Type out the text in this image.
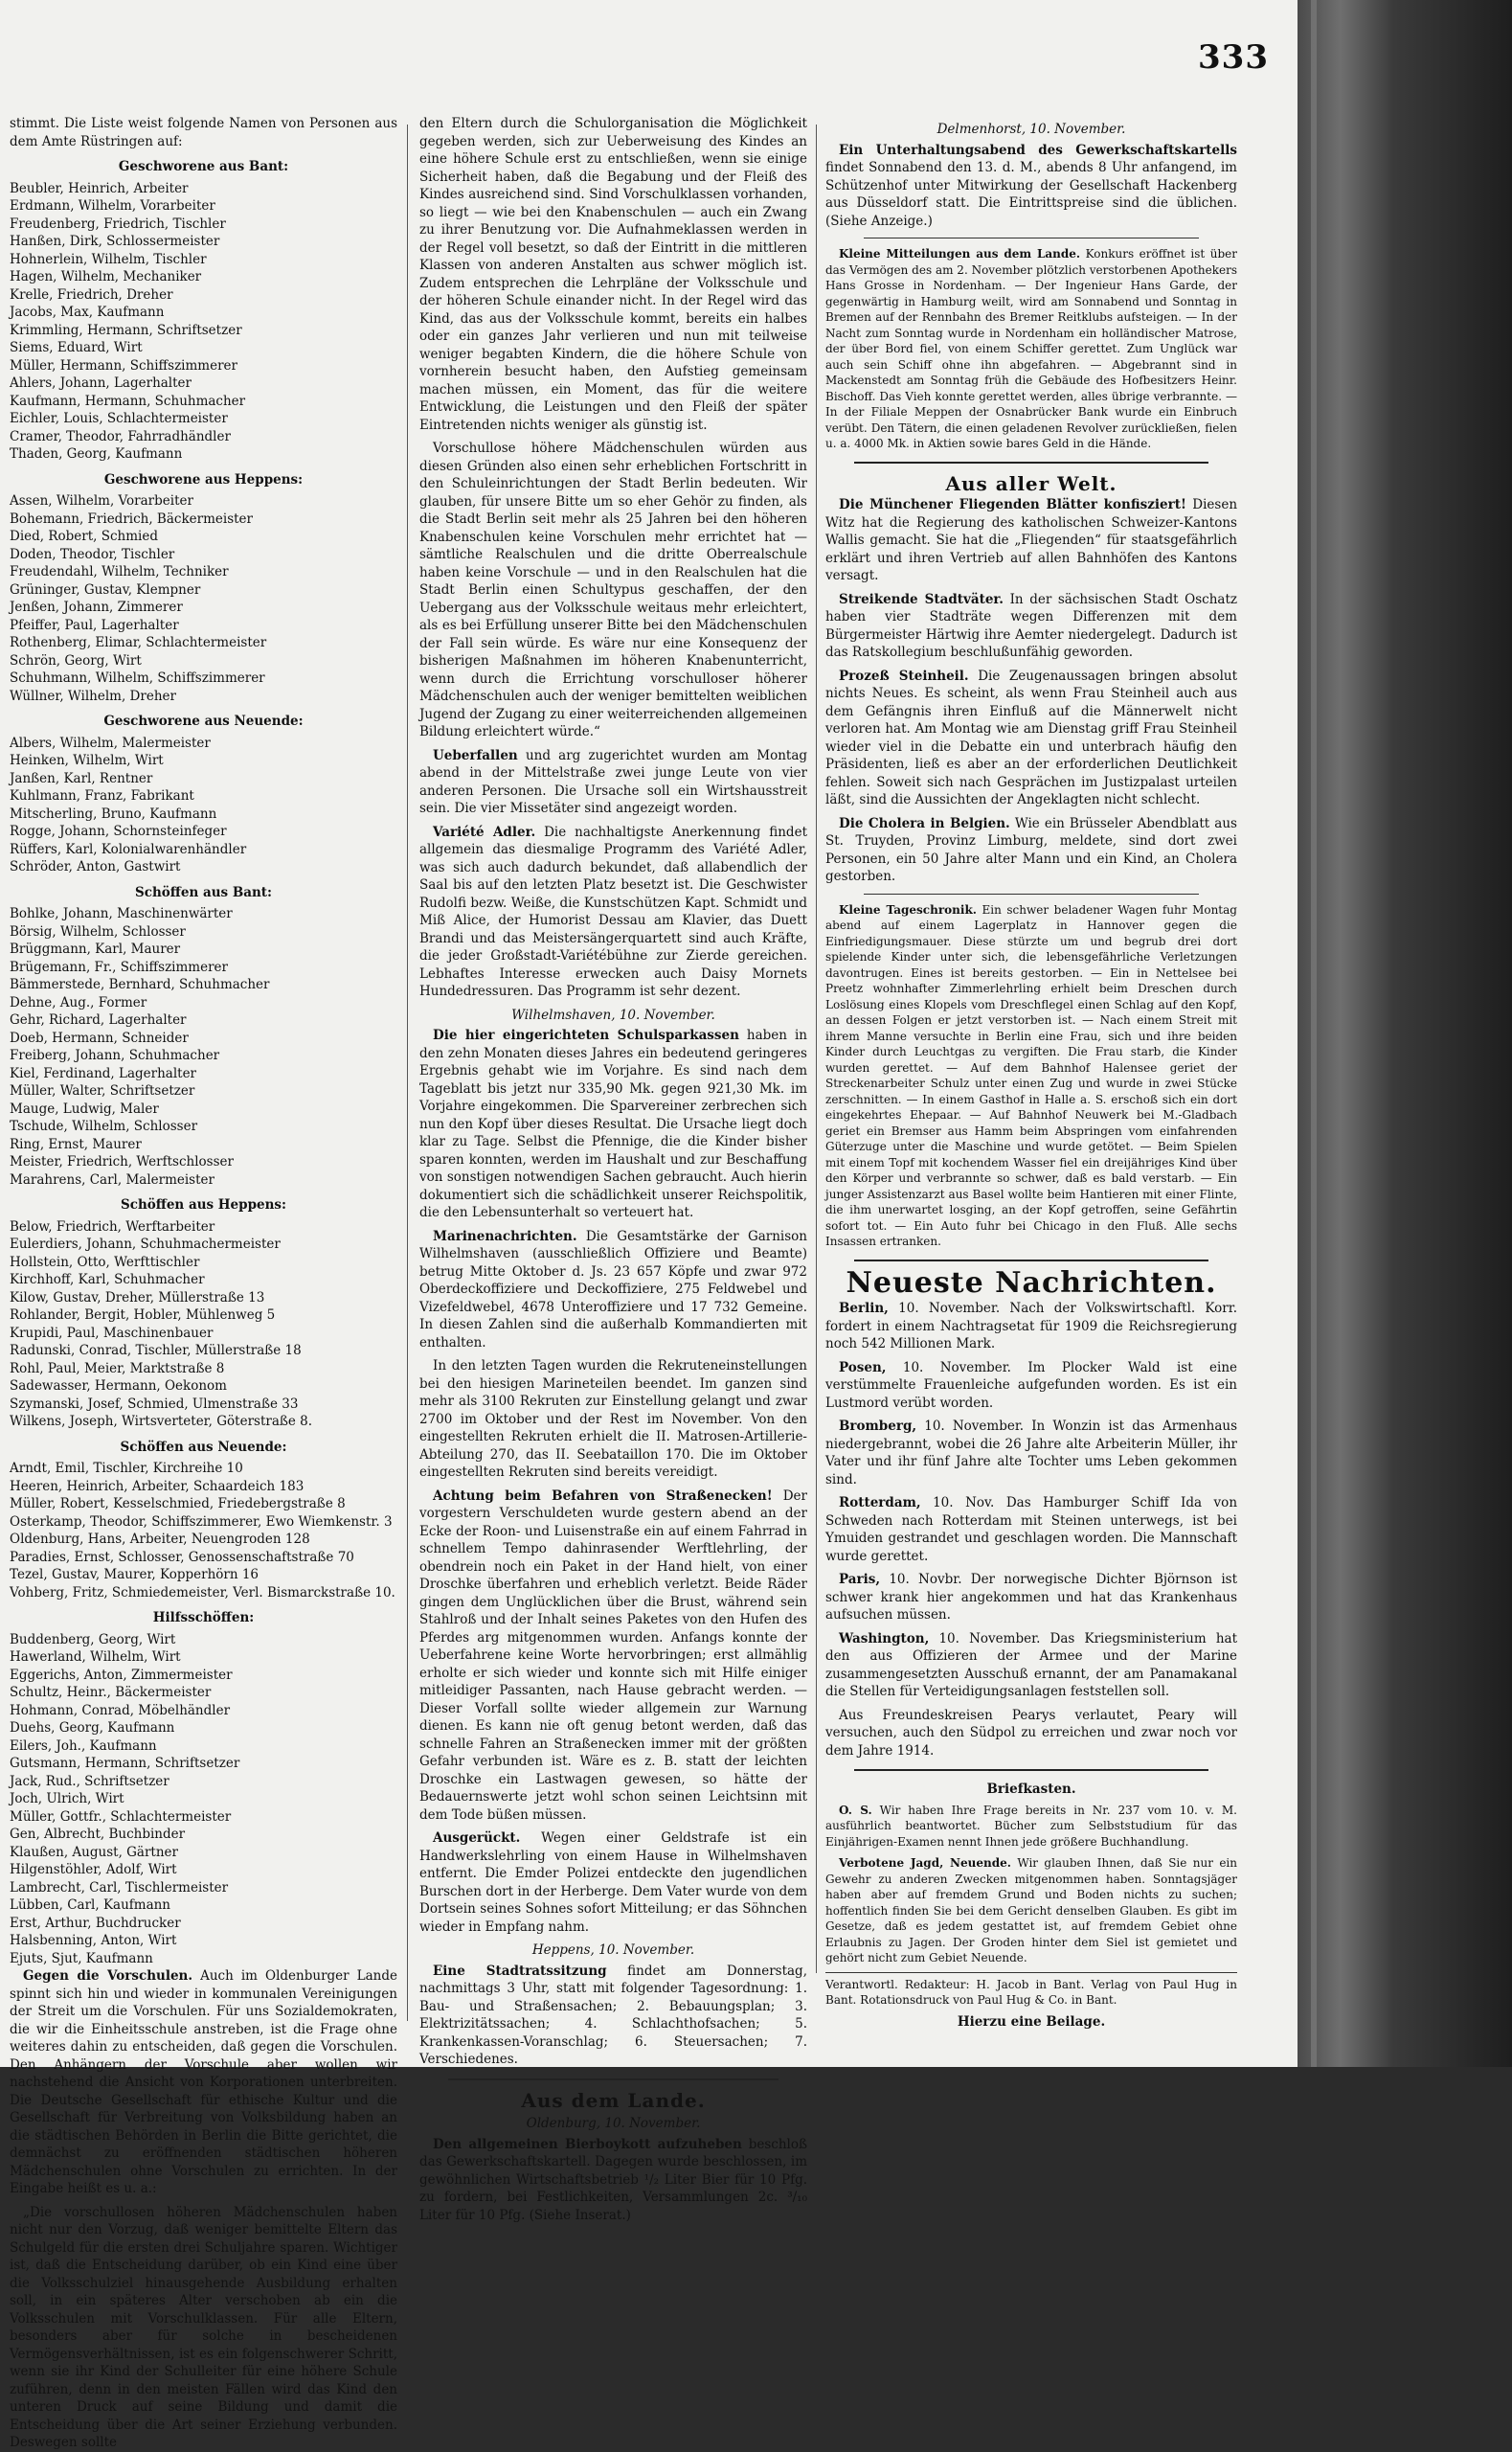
333

stimmt. Die Liste weist folgende Namen von Personen aus dem Amte Rüstringen auf:

Geschworene aus Bant:
Beubler, Heinrich, Arbeiter
Erdmann, Wilhelm, Vorarbeiter
Freudenberg, Friedrich, Tischler
Hanßen, Dirk, Schlossermeister
Hohnerlein, Wilhelm, Tischler
Hagen, Wilhelm, Mechaniker
Krelle, Friedrich, Dreher
Jacobs, Max, Kaufmann
Krimmling, Hermann, Schriftsetzer
Siems, Eduard, Wirt
Müller, Hermann, Schiffszimmerer
Ahlers, Johann, Lagerhalter
Kaufmann, Hermann, Schuhmacher
Eichler, Louis, Schlachtermeister
Cramer, Theodor, Fahrradhändler
Thaden, Georg, Kaufmann
Geschworene aus Heppens:
Assen, Wilhelm, Vorarbeiter
Bohemann, Friedrich, Bäckermeister
Died, Robert, Schmied
Doden, Theodor, Tischler
Freudendahl, Wilhelm, Techniker
Grüninger, Gustav, Klempner
Jenßen, Johann, Zimmerer
Pfeiffer, Paul, Lagerhalter
Rothenberg, Elimar, Schlachtermeister
Schrön, Georg, Wirt
Schuhmann, Wilhelm, Schiffszimmerer
Wüllner, Wilhelm, Dreher
Geschworene aus Neuende:
Albers, Wilhelm, Malermeister
Heinken, Wilhelm, Wirt
Janßen, Karl, Rentner
Kuhlmann, Franz, Fabrikant
Mitscherling, Bruno, Kaufmann
Rogge, Johann, Schornsteinfeger
Rüffers, Karl, Kolonialwarenhändler
Schröder, Anton, Gastwirt
Schöffen aus Bant:
Bohlke, Johann, Maschinenwärter
Börsig, Wilhelm, Schlosser
Brüggmann, Karl, Maurer
Brügemann, Fr., Schiffszimmerer
Bämmerstede, Bernhard, Schuhmacher
Dehne, Aug., Former
Gehr, Richard, Lagerhalter
Doeb, Hermann, Schneider
Freiberg, Johann, Schuhmacher
Kiel, Ferdinand, Lagerhalter
Müller, Walter, Schriftsetzer
Mauge, Ludwig, Maler
Tschude, Wilhelm, Schlosser
Ring, Ernst, Maurer
Meister, Friedrich, Werftschlosser
Marahrens, Carl, Malermeister
Schöffen aus Heppens:
Below, Friedrich, Werftarbeiter
Eulerdiers, Johann, Schuhmachermeister
Hollstein, Otto, Werfttischler
Kirchhoff, Karl, Schuhmacher
Kilow, Gustav, Dreher, Müllerstraße 13
Rohlander, Bergit, Hobler, Mühlenweg 5
Krupidi, Paul, Maschinenbauer
Radunski, Conrad, Tischler, Müllerstraße 18
Rohl, Paul, Meier, Marktstraße 8
Sadewasser, Hermann, Oekonom
Szymanski, Josef, Schmied, Ulmenstraße 33
Wilkens, Joseph, Wirtsverteter, Göterstraße 8.
Schöffen aus Neuende:
Arndt, Emil, Tischler, Kirchreihe 10
Heeren, Heinrich, Arbeiter, Schaardeich 183
Müller, Robert, Kesselschmied, Friedebergstraße 8
Osterkamp, Theodor, Schiffszimmerer, Ewo Wiemkenstr. 3
Oldenburg, Hans, Arbeiter, Neuengroden 128
Paradies, Ernst, Schlosser, Genossenschaftstraße 70
Tezel, Gustav, Maurer, Kopperhörn 16
Vohberg, Fritz, Schmiedemeister, Verl. Bismarckstraße 10.
Hilfsschöffen:
Buddenberg, Georg, Wirt
Hawerland, Wilhelm, Wirt
Eggerichs, Anton, Zimmermeister
Schultz, Heinr., Bäckermeister
Hohmann, Conrad, Möbelhändler
Duehs, Georg, Kaufmann
Eilers, Joh., Kaufmann
Gutsmann, Hermann, Schriftsetzer
Jack, Rud., Schriftsetzer
Joch, Ulrich, Wirt
Müller, Gottfr., Schlachtermeister
Gen, Albrecht, Buchbinder
Klaußen, August, Gärtner
Hilgenstöhler, Adolf, Wirt
Lambrecht, Carl, Tischlermeister
Lübben, Carl, Kaufmann
Erst, Arthur, Buchdrucker
Halsbenning, Anton, Wirt
Ejuts, Sjut, Kaufmann

Gegen die Vorschulen. Auch im Oldenburger Lande spinnt sich hin und wieder in kommunalen Vereinigungen der Streit um die Vorschulen. Für uns Sozialdemokraten, die wir die Einheitsschule anstreben, ist die Frage ohne weiteres dahin zu entscheiden, daß gegen die Vorschulen. Den Anhängern der Vorschule aber wollen wir nachstehend die Ansicht von Korporationen unterbreiten. Die Deutsche Gesellschaft für ethische Kultur und die Gesellschaft für Verbreitung von Volksbildung haben an die städtischen Behörden in Berlin die Bitte gerichtet, die demnächst zu eröffnenden städtischen höheren Mädchenschulen ohne Vorschulen zu errichten. In der Eingabe heißt es u. a.:

„Die vorschullosen höheren Mädchenschulen haben nicht nur den Vorzug, daß weniger bemittelte Eltern das Schulgeld für die ersten drei Schuljahre sparen. Wichtiger ist, daß die Entscheidung darüber, ob ein Kind eine über die Volksschulziel hinausgehende Ausbildung erhalten soll, in ein späteres Alter verschoben ab ein die Volksschulen mit Vorschulklassen. Für alle Eltern, besonders aber für solche in bescheidenen Vermögensverhältnissen, ist es ein folgenschwerer Schritt, wenn sie ihr Kind der Schulleiter für eine höhere Schule zuführen, denn in den meisten Fällen wird das Kind den unteren Druck auf seine Bildung und damit die Entscheidung über die Art seiner Erziehung verbunden. Deswegen sollte

den Eltern durch die Schulorganisation die Möglichkeit gegeben werden, sich zur Ueberweisung des Kindes an eine höhere Schule erst zu entschließen, wenn sie einige Sicherheit haben, daß die Begabung und der Fleiß des Kindes ausreichend sind. Sind Vorschulklassen vorhanden, so liegt — wie bei den Knabenschulen — auch ein Zwang zu ihrer Benutzung vor. Die Aufnahmeklassen werden in der Regel voll besetzt, so daß der Eintritt in die mittleren Klassen von anderen Anstalten aus schwer möglich ist. Zudem entsprechen die Lehrpläne der Volksschule und der höheren Schule einander nicht. In der Regel wird das Kind, das aus der Volksschule kommt, bereits ein halbes oder ein ganzes Jahr verlieren und nun mit teilweise weniger begabten Kindern, die die höhere Schule von vornherein besucht haben, den Aufstieg gemeinsam machen müssen, ein Moment, das für die weitere Entwicklung, die Leistungen und den Fleiß der später Eintretenden nichts weniger als günstig ist.

Vorschullose höhere Mädchenschulen würden aus diesen Gründen also einen sehr erheblichen Fortschritt in den Schuleinrichtungen der Stadt Berlin bedeuten. Wir glauben, für unsere Bitte um so eher Gehör zu finden, als die Stadt Berlin seit mehr als 25 Jahren bei den höheren Knabenschulen keine Vorschulen mehr errichtet hat — sämtliche Realschulen und die dritte Oberrealschule haben keine Vorschule — und in den Realschulen hat die Stadt Berlin einen Schultypus geschaffen, der den Uebergang aus der Volksschule weitaus mehr erleichtert, als es bei Erfüllung unserer Bitte bei den Mädchenschulen der Fall sein würde. Es wäre nur eine Konsequenz der bisherigen Maßnahmen im höheren Knabenunterricht, wenn durch die Errichtung vorschulloser höherer Mädchenschulen auch der weniger bemittelten weiblichen Jugend der Zugang zu einer weiterreichenden allgemeinen Bildung erleichtert würde.“

Ueberfallen und arg zugerichtet wurden am Montag abend in der Mittelstraße zwei junge Leute von vier anderen Personen. Die Ursache soll ein Wirtshausstreit sein. Die vier Missetäter sind angezeigt worden.

Variété Adler. Die nachhaltigste Anerkennung findet allgemein das diesmalige Programm des Variété Adler, was sich auch dadurch bekundet, daß allabendlich der Saal bis auf den letzten Platz besetzt ist. Die Geschwister Rudolfi bezw. Weiße, die Kunstschützen Kapt. Schmidt und Miß Alice, der Humorist Dessau am Klavier, das Duett Brandi und das Meistersängerquartett sind auch Kräfte, die jeder Großstadt-Variétébühne zur Zierde gereichen. Lebhaftes Interesse erwecken auch Daisy Mornets Hundedressuren. Das Programm ist sehr dezent.

Wilhelmshaven, 10. November.

Die hier eingerichteten Schulsparkassen haben in den zehn Monaten dieses Jahres ein bedeutend geringeres Ergebnis gehabt wie im Vorjahre. Es sind nach dem Tageblatt bis jetzt nur 335,90 Mk. gegen 921,30 Mk. im Vorjahre eingekommen. Die Sparvereiner zerbrechen sich nun den Kopf über dieses Resultat. Die Ursache liegt doch klar zu Tage. Selbst die Pfennige, die die Kinder bisher sparen konnten, werden im Haushalt und zur Beschaffung von sonstigen notwendigen Sachen gebraucht. Auch hierin dokumentiert sich die schädlichkeit unserer Reichspolitik, die den Lebensunterhalt so verteuert hat.

Marinenachrichten. Die Gesamtstärke der Garnison Wilhelmshaven (ausschließlich Offiziere und Beamte) betrug Mitte Oktober d. Js. 23 657 Köpfe und zwar 972 Oberdeckoffiziere und Deckoffiziere, 275 Feldwebel und Vizefeldwebel, 4678 Unteroffiziere und 17 732 Gemeine. In diesen Zahlen sind die außerhalb Kommandierten mit enthalten.

In den letzten Tagen wurden die Rekruteneinstellungen bei den hiesigen Marineteilen beendet. Im ganzen sind mehr als 3100 Rekruten zur Einstellung gelangt und zwar 2700 im Oktober und der Rest im November. Von den eingestellten Rekruten erhielt die II. Matrosen-Artillerie-Abteilung 270, das II. Seebataillon 170. Die im Oktober eingestellten Rekruten sind bereits vereidigt.

Achtung beim Befahren von Straßenecken! Der vorgestern Verschuldeten wurde gestern abend an der Ecke der Roon- und Luisenstraße ein auf einem Fahrrad in schnellem Tempo dahinrasender Werftlehrling, der obendrein noch ein Paket in der Hand hielt, von einer Droschke überfahren und erheblich verletzt. Beide Räder gingen dem Unglücklichen über die Brust, während sein Stahlroß und der Inhalt seines Paketes von den Hufen des Pferdes arg mitgenommen wurden. Anfangs konnte der Ueberfahrene keine Worte hervorbringen; erst allmählig erholte er sich wieder und konnte sich mit Hilfe einiger mitleidiger Passanten, nach Hause gebracht werden. — Dieser Vorfall sollte wieder allgemein zur Warnung dienen. Es kann nie oft genug betont werden, daß das schnelle Fahren an Straßenecken immer mit der größten Gefahr verbunden ist. Wäre es z. B. statt der leichten Droschke ein Lastwagen gewesen, so hätte der Bedauernswerte jetzt wohl schon seinen Leichtsinn mit dem Tode büßen müssen.

Ausgerückt. Wegen einer Geldstrafe ist ein Handwerkslehrling von einem Hause in Wilhelmshaven entfernt. Die Emder Polizei entdeckte den jugendlichen Burschen dort in der Herberge. Dem Vater wurde von dem Dortsein seines Sohnes sofort Mitteilung; er das Söhnchen wieder in Empfang nahm.

Heppens, 10. November.

Eine Stadtratssitzung findet am Donnerstag, nachmittags 3 Uhr, statt mit folgender Tagesordnung: 1. Bau- und Straßensachen; 2. Bebauungsplan; 3. Elektrizitätssachen; 4. Schlachthofsachen; 5. Krankenkassen-Voranschlag; 6. Steuersachen; 7. Verschiedenes.

Aus dem Lande.
Oldenburg, 10. November.

Den allgemeinen Bierboykott aufzuheben beschloß das Gewerkschaftskartell. Dagegen wurde beschlossen, im gewöhnlichen Wirtschaftsbetrieb ¹/₂ Liter Bier für 10 Pfg. zu fordern, bei Festlichkeiten, Versammlungen 2c. ³/₁₀ Liter für 10 Pfg. (Siehe Inserat.)

Delmenhorst, 10. November.

Ein Unterhaltungsabend des Gewerkschaftskartells findet Sonnabend den 13. d. M., abends 8 Uhr anfangend, im Schützenhof unter Mitwirkung der Gesellschaft Hackenberg aus Düsseldorf statt. Die Eintrittspreise sind die üblichen. (Siehe Anzeige.)

Kleine Mitteilungen aus dem Lande. Konkurs eröffnet ist über das Vermögen des am 2. November plötzlich verstorbenen Apothekers Hans Grosse in Nordenham. — Der Ingenieur Hans Garde, der gegenwärtig in Hamburg weilt, wird am Sonnabend und Sonntag in Bremen auf der Rennbahn des Bremer Reitklubs aufsteigen. — In der Nacht zum Sonntag wurde in Nordenham ein holländischer Matrose, der über Bord fiel, von einem Schiffer gerettet. Zum Unglück war auch sein Schiff ohne ihn abgefahren. — Abgebrannt sind in Mackenstedt am Sonntag früh die Gebäude des Hofbesitzers Heinr. Bischoff. Das Vieh konnte gerettet werden, alles übrige verbrannte. — In der Filiale Meppen der Osnabrücker Bank wurde ein Einbruch verübt. Den Tätern, die einen geladenen Revolver zurückließen, fielen u. a. 4000 Mk. in Aktien sowie bares Geld in die Hände.

Aus aller Welt.

Die Münchener Fliegenden Blätter konfisziert! Diesen Witz hat die Regierung des katholischen Schweizer-Kantons Wallis gemacht. Sie hat die „Fliegenden“ für staatsgefährlich erklärt und ihren Vertrieb auf allen Bahnhöfen des Kantons versagt.

Streikende Stadtväter. In der sächsischen Stadt Oschatz haben vier Stadträte wegen Differenzen mit dem Bürgermeister Härtwig ihre Aemter niedergelegt. Dadurch ist das Ratskollegium beschlußunfähig geworden.

Prozeß Steinheil. Die Zeugenaussagen bringen absolut nichts Neues. Es scheint, als wenn Frau Steinheil auch aus dem Gefängnis ihren Einfluß auf die Männerwelt nicht verloren hat. Am Montag wie am Dienstag griff Frau Steinheil wieder viel in die Debatte ein und unterbrach häufig den Präsidenten, ließ es aber an der erforderlichen Deutlichkeit fehlen. Soweit sich nach Gesprächen im Justizpalast urteilen läßt, sind die Aussichten der Angeklagten nicht schlecht.

Die Cholera in Belgien. Wie ein Brüsseler Abendblatt aus St. Truyden, Provinz Limburg, meldete, sind dort zwei Personen, ein 50 Jahre alter Mann und ein Kind, an Cholera gestorben.

Kleine Tageschronik. Ein schwer beladener Wagen fuhr Montag abend auf einem Lagerplatz in Hannover gegen die Einfriedigungsmauer. Diese stürzte um und begrub drei dort spielende Kinder unter sich, die lebensgefährliche Verletzungen davontrugen. Eines ist bereits gestorben. — Ein in Nettelsee bei Preetz wohnhafter Zimmerlehrling erhielt beim Dreschen durch Loslösung eines Klopels vom Dreschflegel einen Schlag auf den Kopf, an dessen Folgen er jetzt verstorben ist. — Nach einem Streit mit ihrem Manne versuchte in Berlin eine Frau, sich und ihre beiden Kinder durch Leuchtgas zu vergiften. Die Frau starb, die Kinder wurden gerettet. — Auf dem Bahnhof Halensee geriet der Streckenarbeiter Schulz unter einen Zug und wurde in zwei Stücke zerschnitten. — In einem Gasthof in Halle a. S. erschoß sich ein dort eingekehrtes Ehepaar. — Auf Bahnhof Neuwerk bei M.-Gladbach geriet ein Bremser aus Hamm beim Abspringen vom einfahrenden Güterzuge unter die Maschine und wurde getötet. — Beim Spielen mit einem Topf mit kochendem Wasser fiel ein dreijähriges Kind über den Körper und verbrannte so schwer, daß es bald verstarb. — Ein junger Assistenzarzt aus Basel wollte beim Hantieren mit einer Flinte, die ihm unerwartet losging, an der Kopf getroffen, seine Gefährtin sofort tot. — Ein Auto fuhr bei Chicago in den Fluß. Alle sechs Insassen ertranken.

Neueste Nachrichten.

Berlin, 10. November. Nach der Volkswirtschaftl. Korr. fordert in einem Nachtragsetat für 1909 die Reichsregierung noch 542 Millionen Mark.

Posen, 10. November. Im Plocker Wald ist eine verstümmelte Frauenleiche aufgefunden worden. Es ist ein Lustmord verübt worden.

Bromberg, 10. November. In Wonzin ist das Armenhaus niedergebrannt, wobei die 26 Jahre alte Arbeiterin Müller, ihr Vater und ihr fünf Jahre alte Tochter ums Leben gekommen sind.

Rotterdam, 10. Nov. Das Hamburger Schiff Ida von Schweden nach Rotterdam mit Steinen unterwegs, ist bei Ymuiden gestrandet und geschlagen worden. Die Mannschaft wurde gerettet.

Paris, 10. Novbr. Der norwegische Dichter Björnson ist schwer krank hier angekommen und hat das Krankenhaus aufsuchen müssen.

Washington, 10. November. Das Kriegsministerium hat den aus Offizieren der Armee und der Marine zusammengesetzten Ausschuß ernannt, der am Panamakanal die Stellen für Verteidigungsanlagen feststellen soll.

Aus Freundeskreisen Pearys verlautet, Peary will versuchen, auch den Südpol zu erreichen und zwar noch vor dem Jahre 1914.

Briefkasten.

O. S. Wir haben Ihre Frage bereits in Nr. 237 vom 10. v. M. ausführlich beantwortet. Bücher zum Selbststudium für das Einjährigen-Examen nennt Ihnen jede größere Buchhandlung.

Verbotene Jagd, Neuende. Wir glauben Ihnen, daß Sie nur ein Gewehr zu anderen Zwecken mitgenommen haben. Sonntagsjäger haben aber auf fremdem Grund und Boden nichts zu suchen; hoffentlich finden Sie bei dem Gericht denselben Glauben. Es gibt im Gesetze, daß es jedem gestattet ist, auf fremdem Gebiet ohne Erlaubnis zu Jagen. Der Groden hinter dem Siel ist gemietet und gehört nicht zum Gebiet Neuende.

Verantwortl. Redakteur: H. Jacob in Bant. Verlag von Paul Hug in Bant. Rotationsdruck von Paul Hug & Co. in Bant.
Hierzu eine Beilage.
